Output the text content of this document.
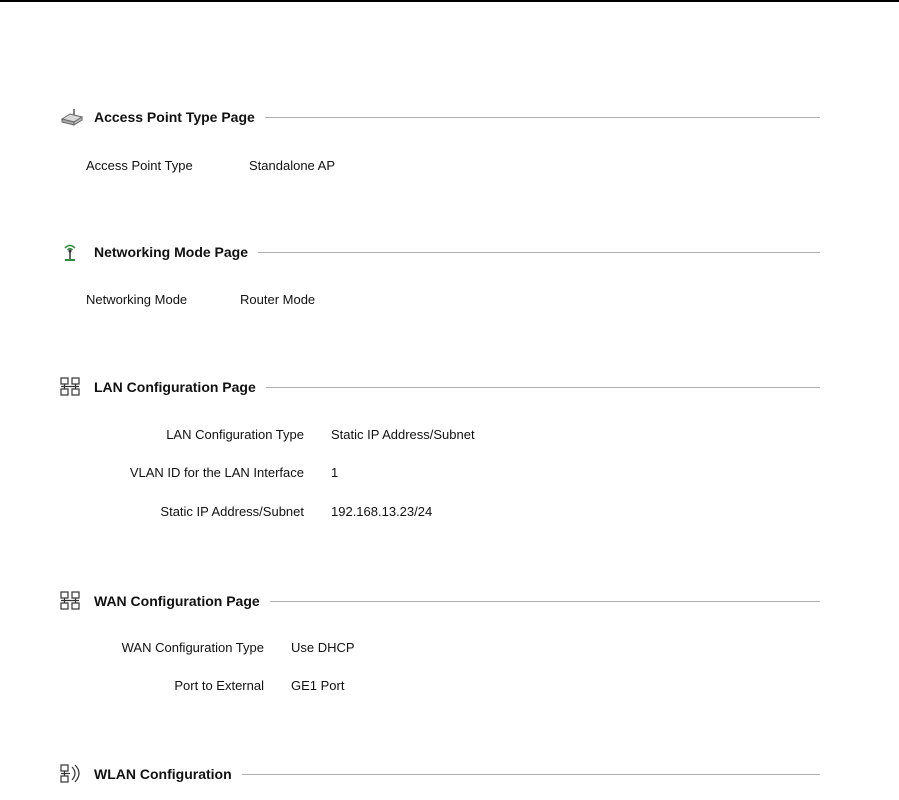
Access Point Type Page
Access Point Type	Standalone AP
Networking Mode Page
Networking Mode	Router Mode
LAN Configuration Page
LAN Configuration Type Static IP Address/Subnet
VLAN ID for the LAN Interface 1
Static IP Address/Subnet 192.168.13.23/24
WAN Configuration Page
WAN Configuration Type Use DHCP
Port to External GE1 Port
WLAN Configuration
